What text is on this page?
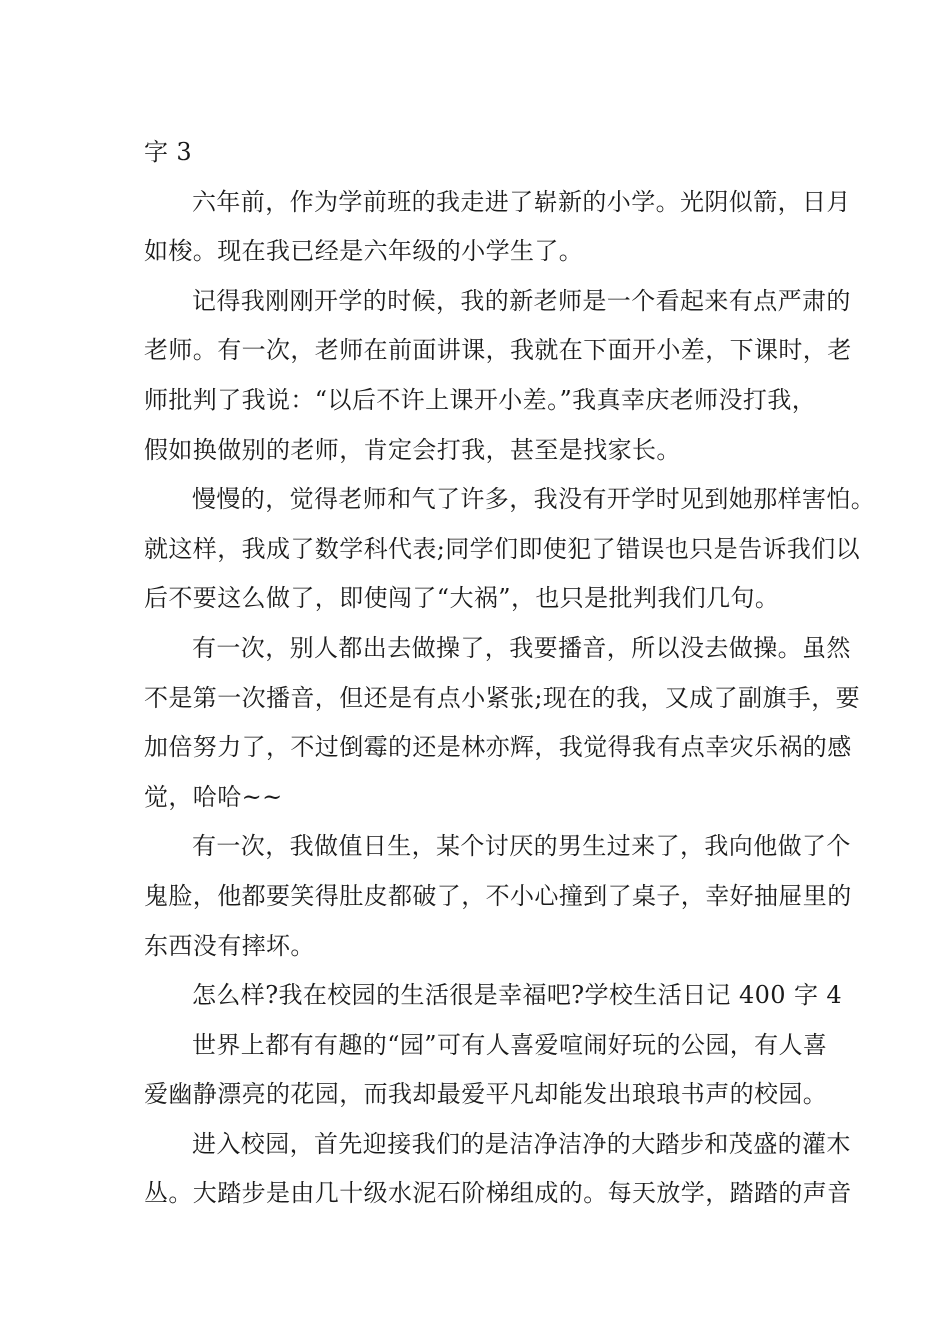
字 3

六年前，作为学前班的我走进了崭新的小学。光阴似箭，日月
如梭。现在我已经是六年级的小学生了。

记得我刚刚开学的时候，我的新老师是一个看起来有点严肃的
老师。有一次，老师在前面讲课，我就在下面开小差，下课时，老
师批判了我说：“以后不许上课开小差。”我真幸庆老师没打我，
假如换做别的老师，肯定会打我，甚至是找家长。

慢慢的，觉得老师和气了许多，我没有开学时见到她那样害怕。
就这样，我成了数学科代表;同学们即使犯了错误也只是告诉我们以
后不要这么做了，即使闯了“大祸”，也只是批判我们几句。

有一次，别人都出去做操了，我要播音，所以没去做操。虽然
不是第一次播音，但还是有点小紧张;现在的我，又成了副旗手，要
加倍努力了，不过倒霉的还是林亦辉，我觉得我有点幸灾乐祸的感
觉，哈哈~~

有一次，我做值日生，某个讨厌的男生过来了，我向他做了个
鬼脸，他都要笑得肚皮都破了，不小心撞到了桌子，幸好抽屉里的
东西没有摔坏。

怎么样?我在校园的生活很是幸福吧?学校生活日记 400 字 4

世界上都有有趣的“园”可有人喜爱喧闹好玩的公园，有人喜
爱幽静漂亮的花园，而我却最爱平凡却能发出琅琅书声的校园。

进入校园，首先迎接我们的是洁净洁净的大踏步和茂盛的灌木
丛。大踏步是由几十级水泥石阶梯组成的。每天放学，踏踏的声音
